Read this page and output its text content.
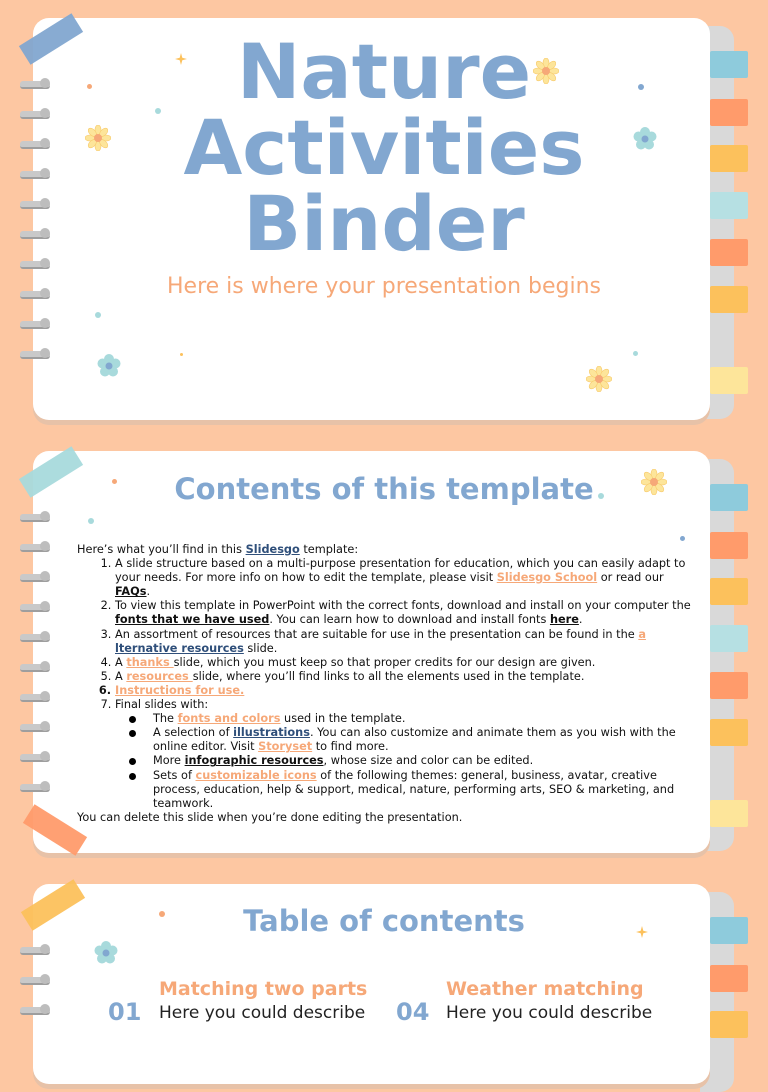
Nature
Activities
Binder

Here is where your presentation begins

Contents of this template
Here’s what you’ll find in this Slidesgo template:
1. A slide structure based on a multi-purpose presentation for education, which you can easily adapt to your needs. For more info on how to edit the template, please visit Slidesgo School or read our FAQs.
2. To view this template in PowerPoint with the correct fonts, download and install on your computer the fonts that we have used. You can learn how to download and install fonts here.
3. An assortment of resources that are suitable for use in the presentation can be found in the a
lternative resources slide.
4. A thanks slide, which you must keep so that proper credits for our design are given.
5. A resources slide, where you’ll find links to all the elements used in the template.
6. Instructions for use.
7. Final slides with:
The fonts and colors used in the template.
A selection of illustrations. You can also customize and animate them as you wish with the online editor. Visit Storyset to find more.
More infographic resources, whose size and color can be edited.
Sets of customizable icons of the following themes: general, business, avatar, creative process, education, help & support, medical, nature, performing arts, SEO & marketing, and teamwork.
You can delete this slide when you’re done editing the presentation.
Table of contents
Matching two parts
01 Here you could describe

Weather matching
04 Here you could describe
